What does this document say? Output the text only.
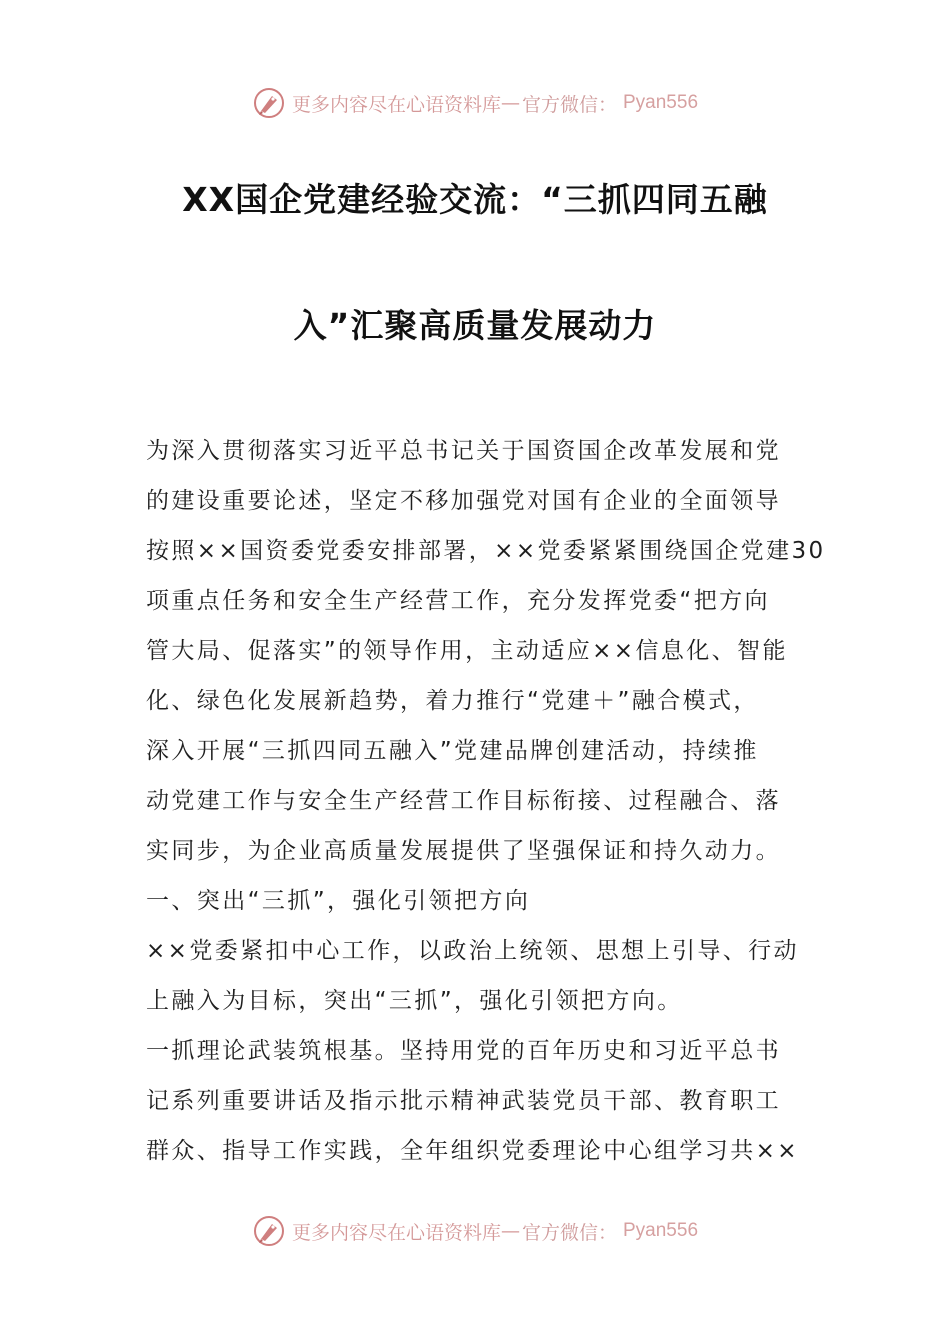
更多内容尽在心语资料库 — 官方微信： Pyan556
XX国企党建经验交流：“三抓四同五融
入”汇聚高质量发展动力
为深入贯彻落实习近平总书记关于国资国企改革发展和党
的建设重要论述，坚定不移加强党对国有企业的全面领导
按照××国资委党委安排部署，××党委紧紧围绕国企党建30
项重点任务和安全生产经营工作，充分发挥党委“把方向
管大局、促落实”的领导作用，主动适应××信息化、智能
化、绿色化发展新趋势，着力推行“党建＋”融合模式，
深入开展“三抓四同五融入”党建品牌创建活动，持续推
动党建工作与安全生产经营工作目标衔接、过程融合、落
实同步，为企业高质量发展提供了坚强保证和持久动力。
一、突出“三抓”，强化引领把方向
××党委紧扣中心工作，以政治上统领、思想上引导、行动
上融入为目标，突出“三抓”，强化引领把方向。
一抓理论武装筑根基。坚持用党的百年历史和习近平总书
记系列重要讲话及指示批示精神武装党员干部、教育职工
群众、指导工作实践，全年组织党委理论中心组学习共××
更多内容尽在心语资料库 — 官方微信： Pyan556
